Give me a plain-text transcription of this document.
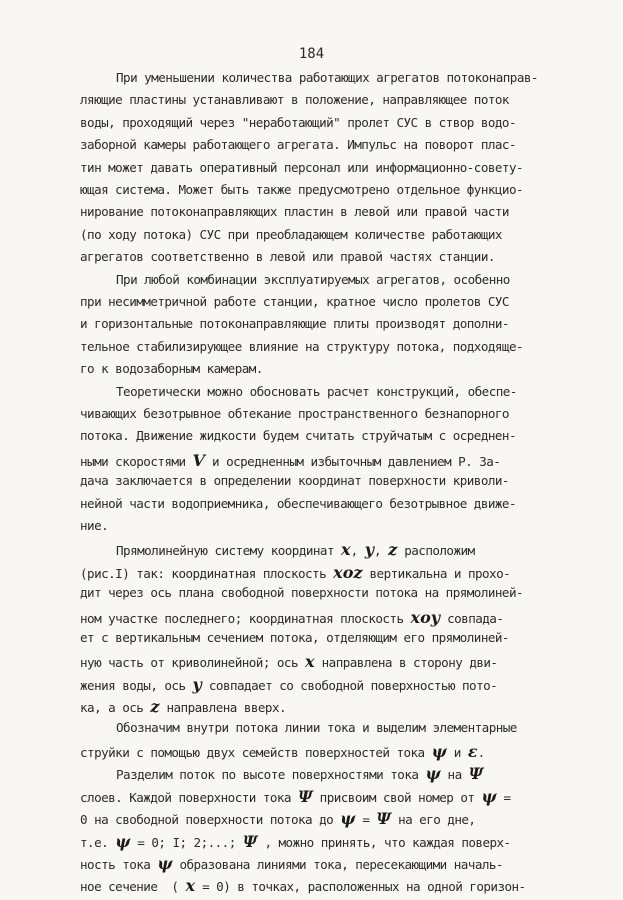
184
При уменьшении количества работающих агрегатов потоконаправ-
ляющие пластины устанавливают в положение, направляющее поток
воды, проходящий через "неработающий" пролет СУС в створ водо-
заборной камеры работающего агрегата. Импульс на поворот плас-
тин может давать оперативный персонал или информационно-совету-
ющая система. Может быть также предусмотрено отдельное функцио-
нирование потоконаправляющих пластин в левой или правой части
(по ходу потока) СУС при преобладающем количестве работающих
агрегатов соответственно в левой или правой частях станции.
При любой комбинации эксплуатируемых агрегатов, особенно
при несимметричной работе станции, кратное число пролетов СУС
и горизонтальные потоконаправляющие плиты производят дополни-
тельное стабилизирующее влияние на структуру потока, подходяще-
го к водозаборным камерам.
Теоретически можно обосновать расчет конструкций, обеспе-
чивающих безотрывное обтекание пространственного безнапорного
потока. Движение жидкости будем считать струйчатым с осреднен-
ными скоростями V и осредненным избыточным давлением Р. За-
дача заключается в определении координат поверхности криволи-
нейной части водоприемника, обеспечивающего безотрывное движе-
ние.
Прямолинейную систему координат x, y, z расположим
(рис.I) так: координатная плоскость xoz вертикальна и прохо-
дит через ось плана свободной поверхности потока на прямолиней-
ном участке последнего; координатная плоскость xoy совпада-
ет с вертикальным сечением потока, отделяющим его прямолиней-
ную часть от криволинейной; ось x направлена в сторону дви-
жения воды, ось y совпадает со свободной поверхностью пото-
ка, а ось z направлена вверх.
Обозначим внутри потока линии тока и выделим элементарные
струйки с помощью двух семейств поверхностей тока ψ и ε.
Разделим поток по высоте поверхностями тока ψ на Ψ
слоев. Каждой поверхности тока Ψ присвоим свой номер от ψ =
0 на свободной поверхности потока до ψ = Ψ на его дне,
т.е. ψ = 0; I; 2;...; Ψ , можно принять, что каждая поверх-
ность тока ψ образована линиями тока, пересекающими началь-
ное сечение  ( x = 0) в точках, расположенных на одной горизон-
